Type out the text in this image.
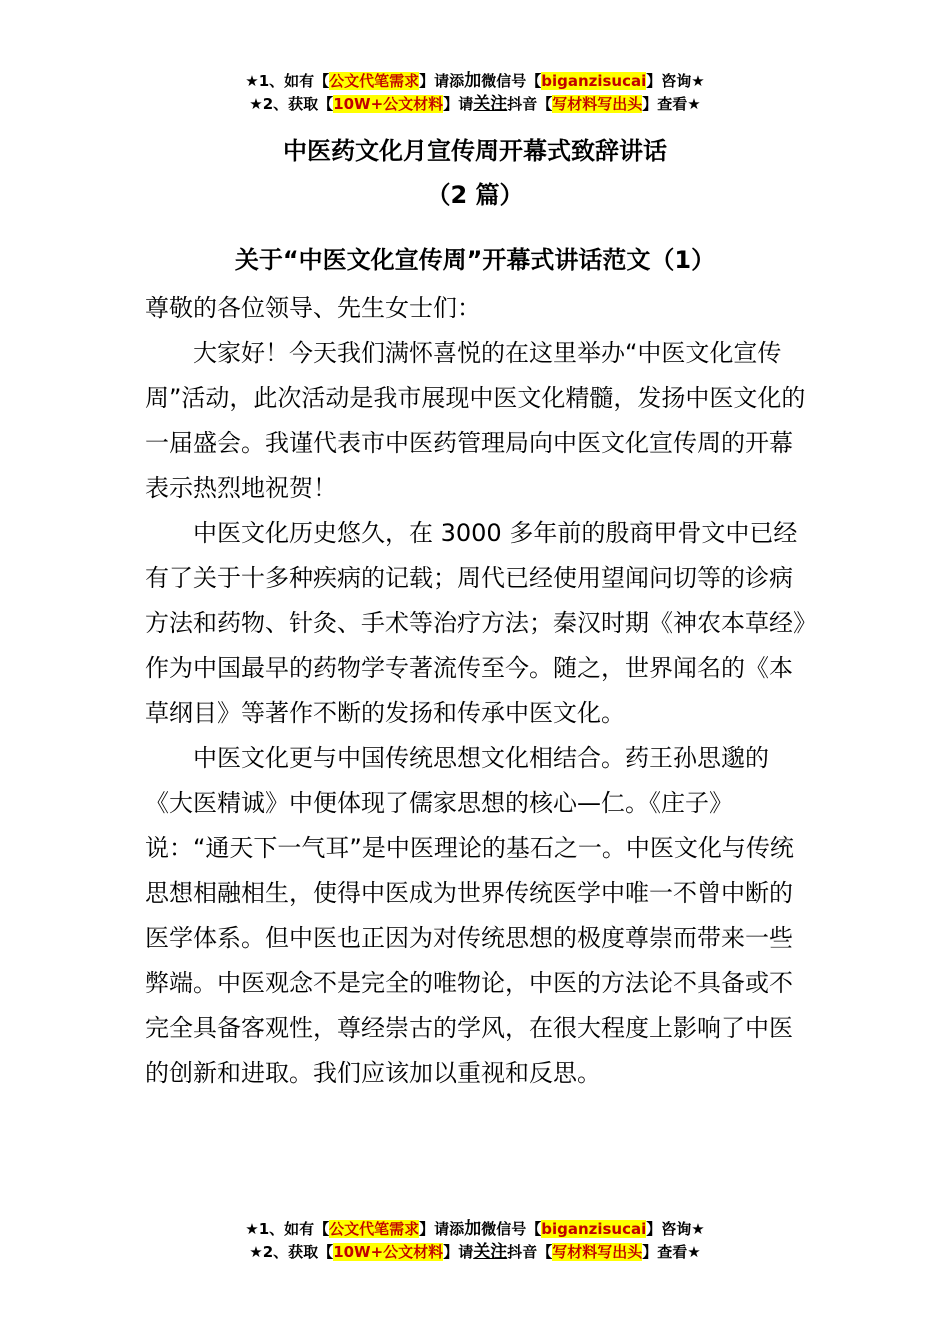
★1、如有【公文代笔需求】请添加微信号【biganzisucai】咨询★
★2、获取【10W+公文材料】请关注抖音【写材料写出头】查看★
中医药文化月宣传周开幕式致辞讲话
（2 篇）
关于“中医文化宣传周”开幕式讲话范文（1）

尊敬的各位领导、先生女士们：

大家好！今天我们满怀喜悦的在这里举办“中医文化宣传周”活动，此次活动是我市展现中医文化精髓，发扬中医文化的一届盛会。我谨代表市中医药管理局向中医文化宣传周的开幕表示热烈地祝贺！

中医文化历史悠久，在 3000 多年前的殷商甲骨文中已经有了关于十多种疾病的记载；周代已经使用望闻问切等的诊病方法和药物、针灸、手术等治疗方法；秦汉时期《神农本草经》作为中国最早的药物学专著流传至今。随之，世界闻名的《本草纲目》等著作不断的发扬和传承中医文化。

中医文化更与中国传统思想文化相结合。药王孙思邈的《大医精诚》中便体现了儒家思想的核心—仁。《庄子》说：“通天下一气耳”是中医理论的基石之一。中医文化与传统思想相融相生，使得中医成为世界传统医学中唯一不曾中断的医学体系。但中医也正因为对传统思想的极度尊崇而带来一些弊端。中医观念不是完全的唯物论，中医的方法论不具备或不完全具备客观性，尊经崇古的学风，在很大程度上影响了中医的创新和进取。我们应该加以重视和反思。

★1、如有【公文代笔需求】请添加微信号【biganzisucai】咨询★
★2、获取【10W+公文材料】请关注抖音【写材料写出头】查看★
